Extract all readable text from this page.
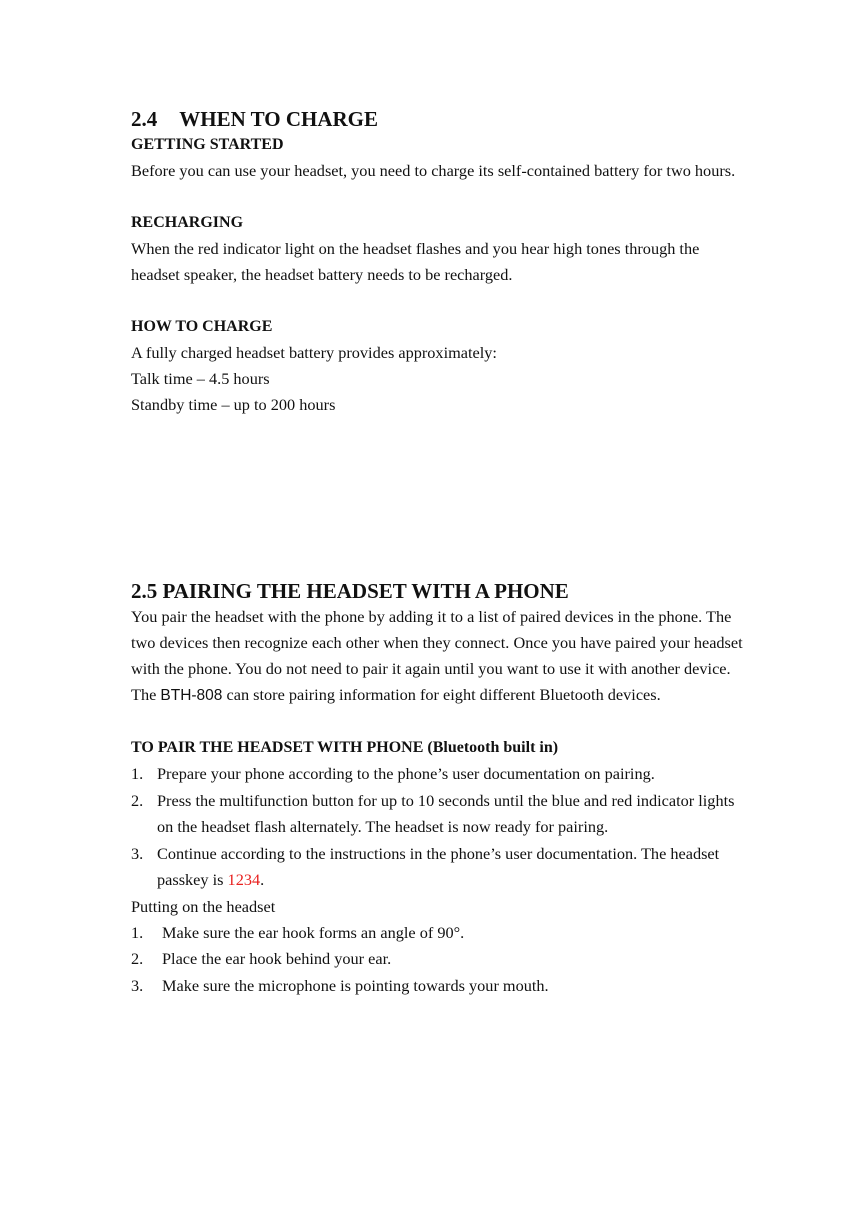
2.4 WHEN TO CHARGE

GETTING STARTED

Before you can use your headset, you need to charge its self-contained battery for two hours.

RECHARGING

When the red indicator light on the headset flashes and you hear high tones through the headset speaker, the headset battery needs to be recharged.

HOW TO CHARGE

A fully charged headset battery provides approximately:

Talk time – 4.5 hours

Standby time – up to 200 hours

2.5 PAIRING THE HEADSET WITH A PHONE

You pair the headset with the phone by adding it to a list of paired devices in the phone. The two devices then recognize each other when they connect. Once you have paired your headset with the phone. You do not need to pair it again until you want to use it with another device.

The BTH-808 can store pairing information for eight different Bluetooth devices.

TO PAIR THE HEADSET WITH PHONE (Bluetooth built in)

1. Prepare your phone according to the phone’s user documentation on pairing.
2. Press the multifunction button for up to 10 seconds until the blue and red indicator lights on the headset flash alternately. The headset is now ready for pairing.
3. Continue according to the instructions in the phone’s user documentation. The headset passkey is 1234.

Putting on the headset

1. Make sure the ear hook forms an angle of 90°.
2. Place the ear hook behind your ear.
3. Make sure the microphone is pointing towards your mouth.
